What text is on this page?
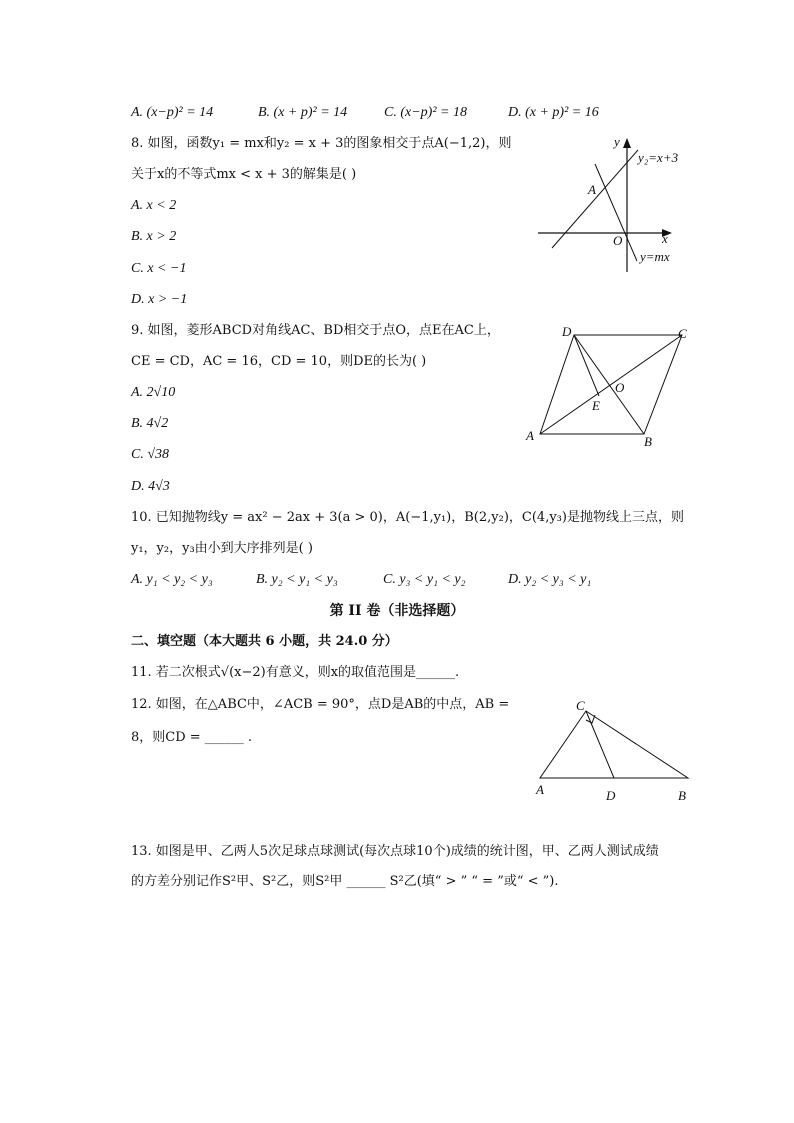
A. (x−p)² = 14	B. (x + p)² = 14	C. (x−p)² = 18	D. (x + p)² = 16
8. 如图，函数y₁ = mx和y₂ = x + 3的图象相交于点A(−1,2)，则
关于x的不等式mx < x + 3的解集是( )
A. x < 2
B. x > 2
C. x < −1
D. x > −1
y
x
O
A
y₂=x+3
y=mx
9. 如图，菱形ABCD对角线AC、BD相交于点O，点E在AC上，
CE = CD，AC = 16，CD = 10，则DE的长为( )
A. 2√10
B. 4√2
C. √38
D. 4√3
A	B
C
D
E
O
10. 已知抛物线y = ax² − 2ax + 3(a > 0)，A(−1,y₁)，B(2,y₂)，C(4,y₃)是抛物线上三点，则
y₁，y₂，y₃由小到大序排列是( )
A. y₁ < y₂ < y₃	B. y₂ < y₁ < y₃	C. y₃ < y₁ < y₂	D. y₂ < y₃ < y₁
第 II 卷（非选择题）
二、填空题（本大题共 6 小题，共 24.0 分）
11. 若二次根式√(x−2)有意义，则x的取值范围是______.
12. 如图，在△ABC中，∠ACB = 90°，点D是AB的中点，AB =
8，则CD = ______ .
A	B
C
D
13. 如图是甲、乙两人5次足球点球测试(每次点球10个)成绩的统计图，甲、乙两人测试成绩
的方差分别记作S²甲、S²乙，则S²甲 ______ S²乙(填“ > ” “ = ”或“ < ”).
